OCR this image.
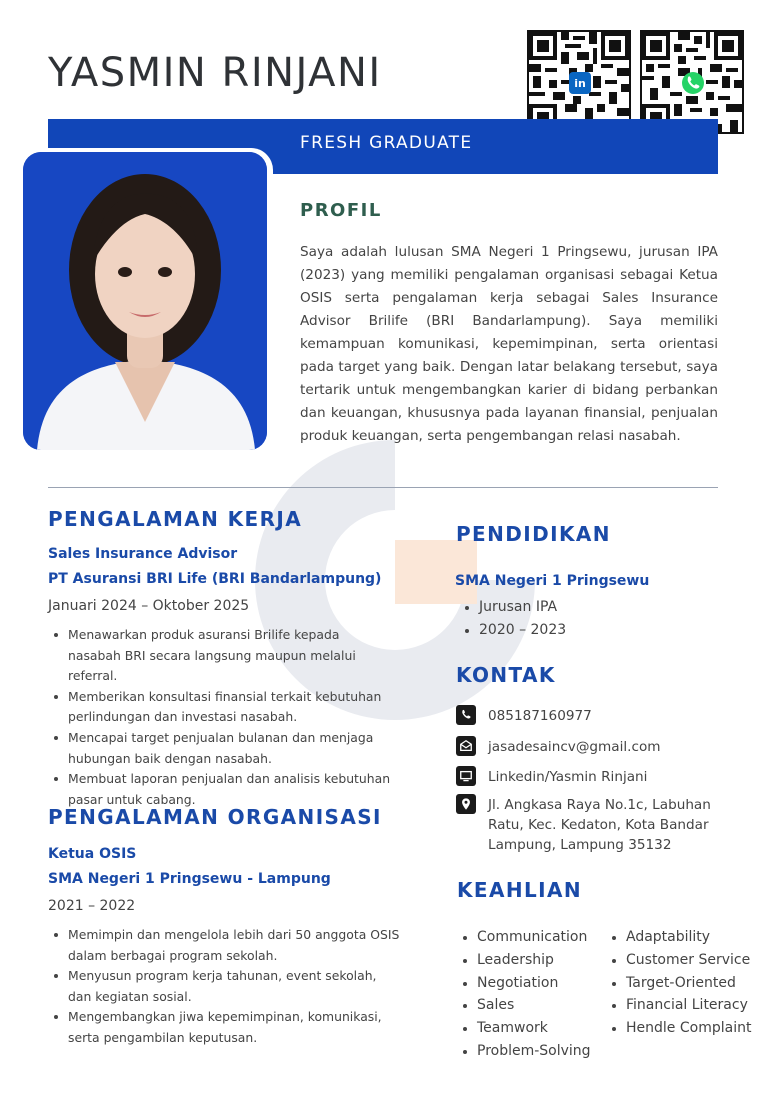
YASMIN RINJANI	in
FRESH GRADUATE
PROFIL

Saya adalah lulusan SMA Negeri 1 Pringsewu, jurusan IPA (2023) yang memiliki pengalaman organisasi sebagai Ketua OSIS serta pengalaman kerja sebagai Sales Insurance Advisor Brilife (BRI Bandarlampung). Saya memiliki kemampuan komunikasi, kepemimpinan, serta orientasi pada target yang baik. Dengan latar belakang tersebut, saya tertarik untuk mengembangkan karier di bidang perbankan dan keuangan, khususnya pada layanan finansial, penjualan produk keuangan, serta pengembangan relasi nasabah.

PENGALAMAN KERJA
Sales Insurance Advisor
PT Asuransi BRI Life (BRI Bandarlampung)
Januari 2024 – Oktober 2025
Menawarkan produk asuransi Brilife kepada nasabah BRI secara langsung maupun melalui referral.
Memberikan konsultasi finansial terkait kebutuhan perlindungan dan investasi nasabah.
Mencapai target penjualan bulanan dan menjaga hubungan baik dengan nasabah.
Membuat laporan penjualan dan analisis kebutuhan pasar untuk cabang.
PENGALAMAN ORGANISASI
Ketua OSIS
SMA Negeri 1 Pringsewu - Lampung
2021 – 2022
Memimpin dan mengelola lebih dari 50 anggota OSIS dalam berbagai program sekolah.
Menyusun program kerja tahunan, event sekolah, dan kegiatan sosial.
Mengembangkan jiwa kepemimpinan, komunikasi, serta pengambilan keputusan.
PENDIDIKAN
SMA Negeri 1 Pringsewu
Jurusan IPA
2020 – 2023
KONTAK
085187160977
jasadesaincv@gmail.com
Linkedin/Yasmin Rinjani
Jl. Angkasa Raya No.1c, Labuhan Ratu, Kec. Kedaton, Kota Bandar Lampung, Lampung 35132
KEAHLIAN
Communication
Leadership
Negotiation
Sales
Teamwork
Problem-Solving
Adaptability
Customer Service
Target-Oriented
Financial Literacy
Hendle Complaint
